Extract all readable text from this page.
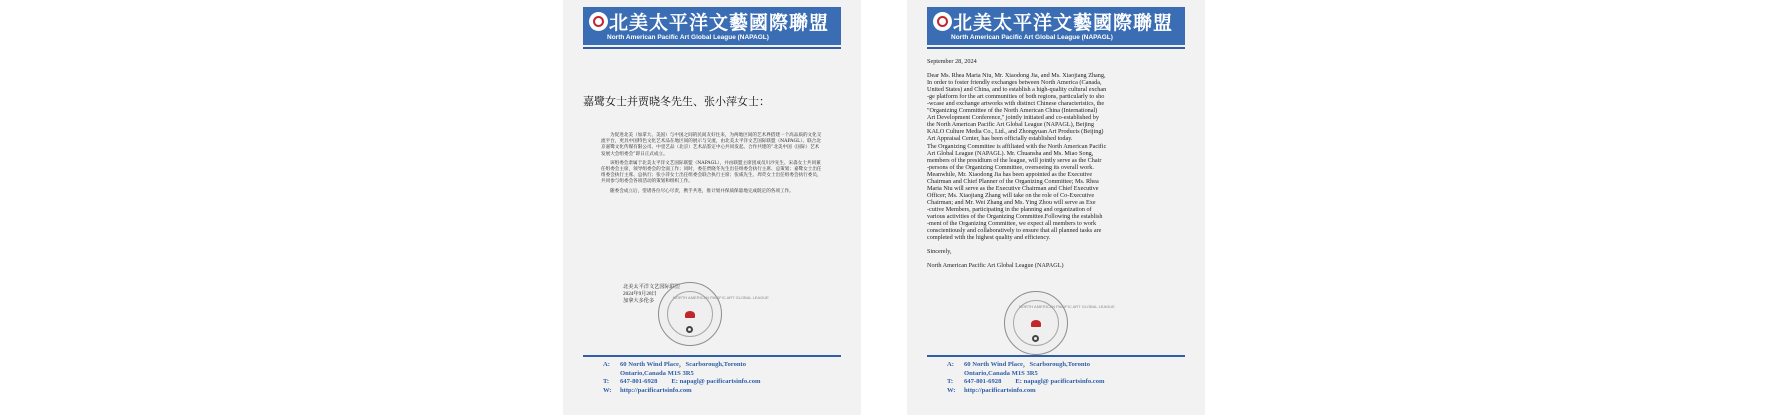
北美太平洋文藝國際聯盟
North American Pacific Art Global League (NAPAGL)
嘉鹭女士并贾晓冬先生、张小萍女士：

为促进北美（加拿大、美国）与中国之间的民间友好往来，为两地区间的艺术界搭建一个高品质的文化交流平台，更具中国特色文化艺术品在地区间的展示与交流，由北美太平洋文艺国际联盟（NAPAGL）、联合北京嘉鹭文化传媒有限公司、中壹艺品（北京）艺术品鉴定中心共同发起、合作共建的“北美中国（国际）艺术发展大会组委会”即日正式成立。

该组委会隶属于北美太平洋文艺国际联盟（NAPAGL），并由联盟主席团成员川沙先生、宋淼女士共同兼任组委会主席，领导组委会的全面工作；同时，委任贾晓冬先生出任组委会执行主席、总策划；嘉鹭女士出任组委会执行主席、总执行；张小萍女士出任组委会联合执行主席；张威先生、周荧女士出任组委会执行委员，共同参与组委会各项活动的策划和组织工作。

随委会成立后，望诸各位尽心尽责，携手共进，推计划并保质保量地完成既定的各项工作。

北美太平洋文艺国际联盟
2024年9月28日
加拿大多伦多
NORTH AMERICAN PACIFIC ART GLOBAL LEAGUE
A: 60 North Wind Place，Scarborough,Toronto
Ontario,Canada M1S 3R5
T: 647-801-6928 E: napagl@ pacificartsinfo.com
W: http://pacificartsinfo.com
北美太平洋文藝國際聯盟
North American Pacific Art Global League (NAPAGL)
September 28, 2024
Dear Ms. Rhea Maria Niu, Mr. Xiaodong Jia, and Ms. Xiaojiang Zhang,
In order to foster friendly exchanges between North America (Canada,
United States) and China, and to establish a high-quality cultural exchan
-ge platform for the art communities of both regions, particularly to sho
-wcase and exchange artworks with distinct Chinese characteristics, the
"Organizing Committee of the North American China (International)
Art Development Conference," jointly initiated and co-established by
the North American Pacific Art Global League (NAPAGL), Beijing
KALO Culture Media Co., Ltd., and Zhongyuan Art Products (Beijing)
Art Appraisal Center, has been officially established today.
The Organizing Committee is affiliated with the North American Pacific
Art Global League (NAPAGL). Mr. Chuansha and Ms. Miao Song,
members of the presidium of the league, will jointly serve as the Chair
-persons of the Organizing Committee, overseeing its overall work.
Meanwhile, Mr. Xiaodong Jia has been appointed as the Executive
Chairman and Chief Planner of the Organizing Committee; Ms. Rhea
Maria Niu will serve as the Executive Chairman and Chief Executive
Officer; Ms. Xiaojiang Zhang will take on the role of Co-Executive
Chairman; and Mr. Wei Zhang and Ms. Ying Zhou will serve as Exe
-cutive Members, participating in the planning and organization of
various activities of the Organizing Committee.Following the establish
-ment of the Organizing Committee, we expect all members to work
conscientiously and collaboratively to ensure that all planned tasks are
completed with the highest quality and efficiency.
Sincerely,
North American Pacific Art Global League (NAPAGL)
NORTH AMERICAN PACIFIC ART GLOBAL LEAGUE
A: 60 North Wind Place，Scarborough,Toronto
Ontario,Canada M1S 3R5
T: 647-801-6928 E: napagl@ pacificartsinfo.com
W: http://pacificartsinfo.com
